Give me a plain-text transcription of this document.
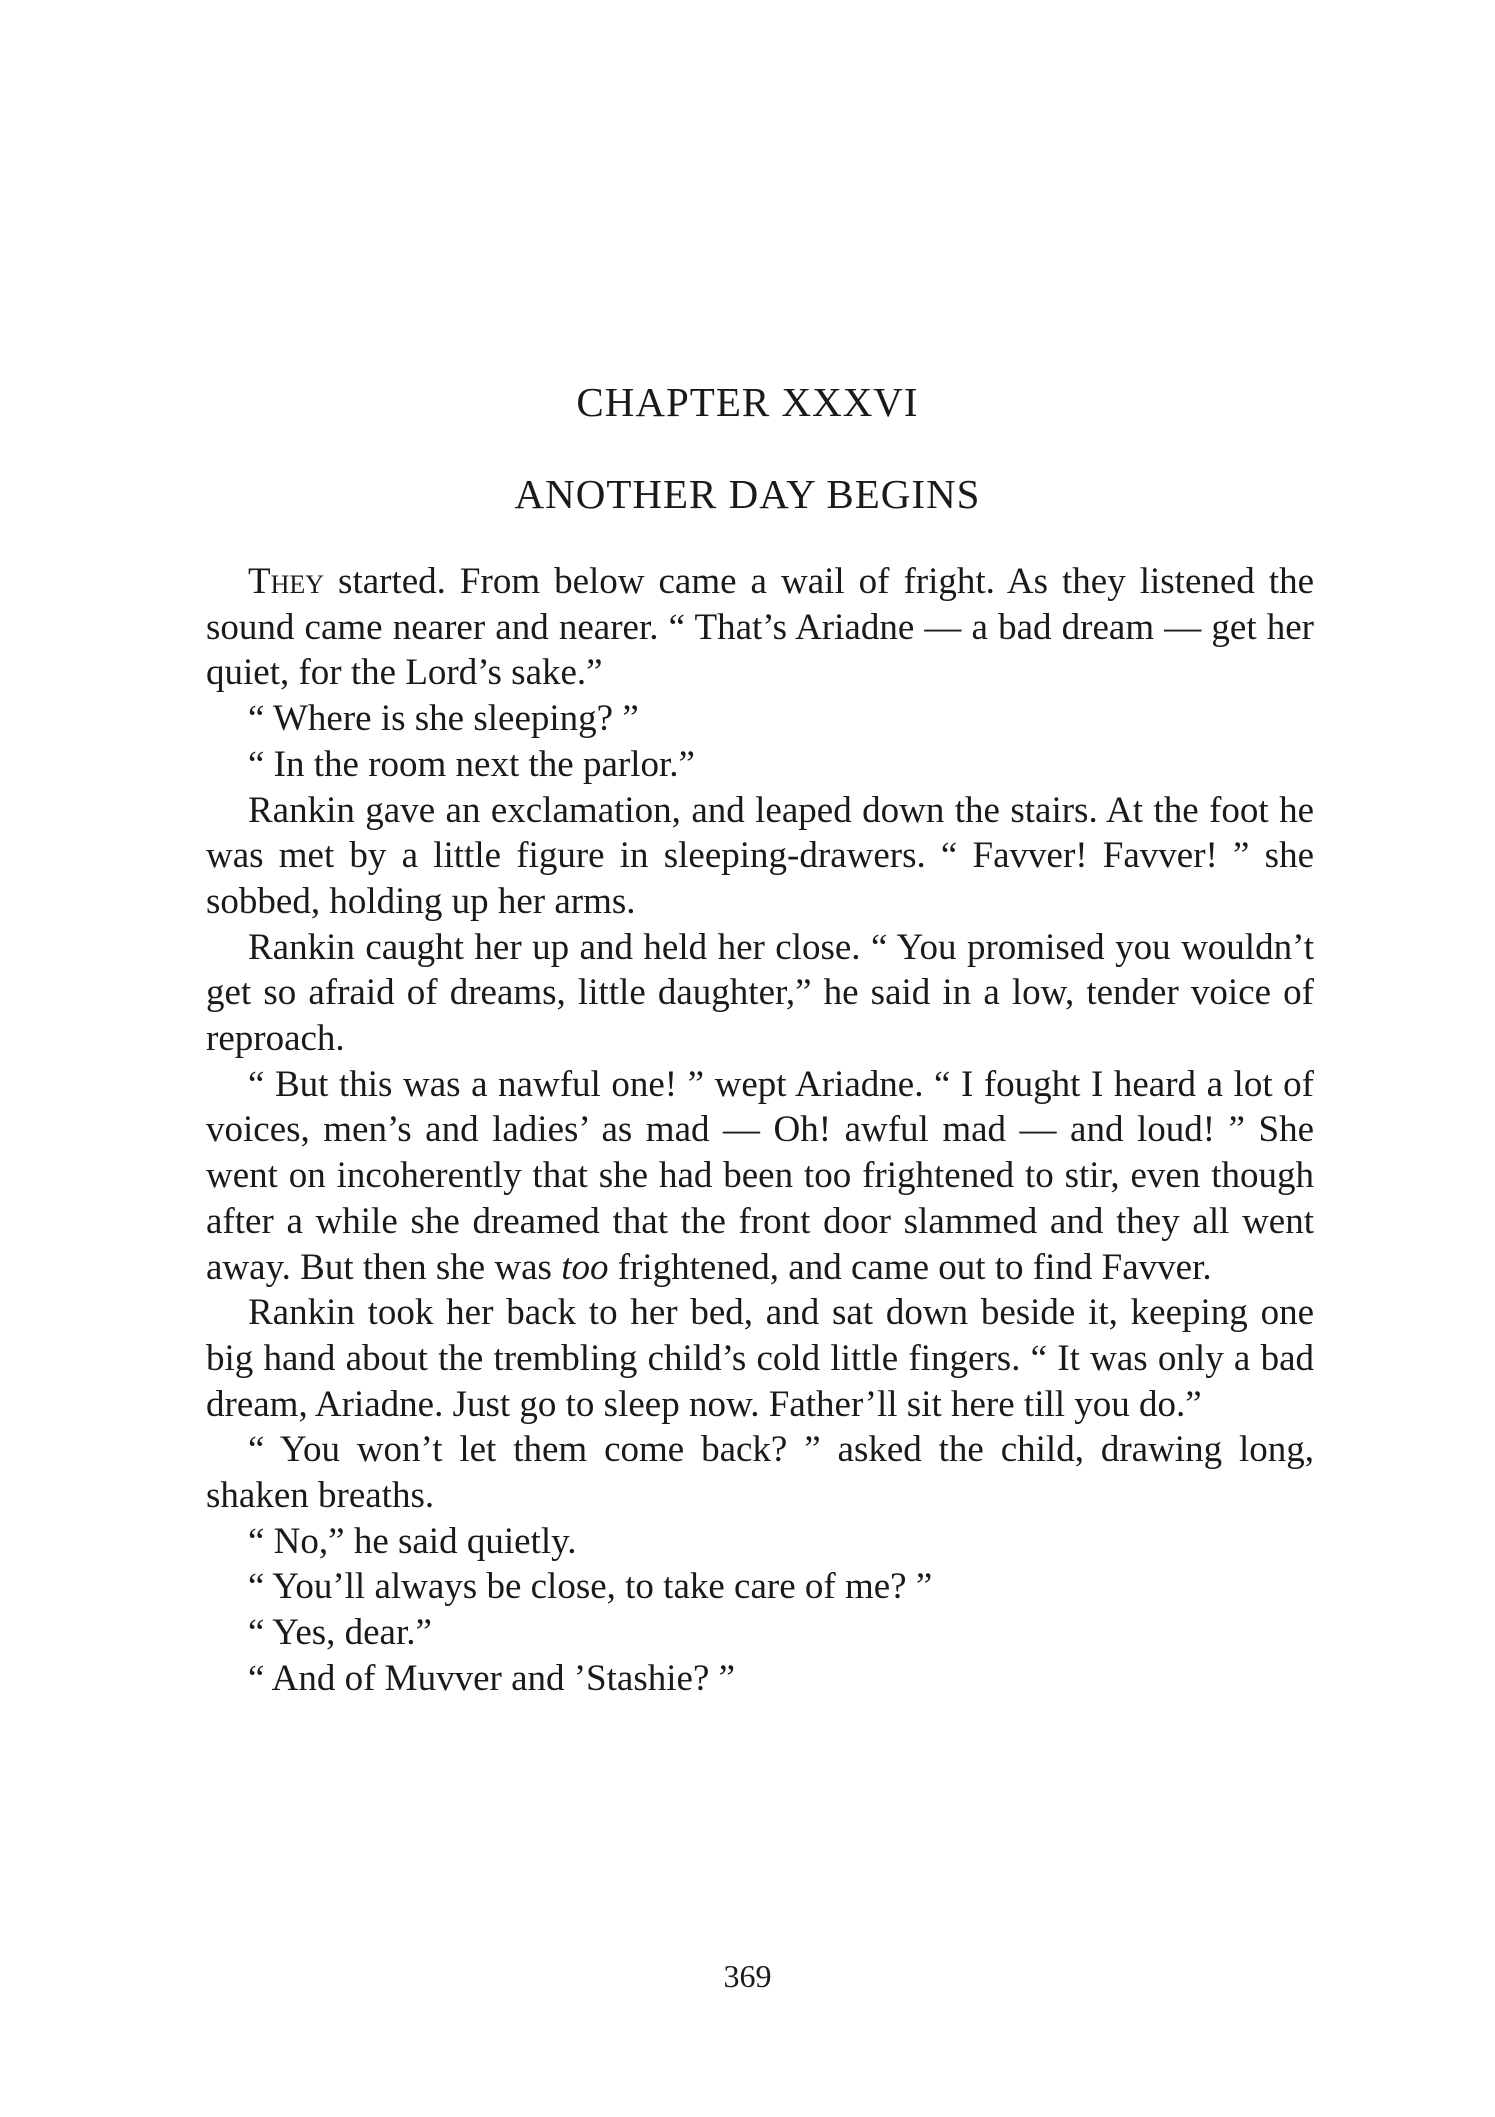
CHAPTER XXXVI
ANOTHER DAY BEGINS

They started. From below came a wail of fright. As they listened the sound came nearer and nearer. “ That’s Ariadne — a bad dream — get her quiet, for the Lord’s sake.”

“ Where is she sleeping? ”

“ In the room next the parlor.”

Rankin gave an exclamation, and leaped down the stairs. At the foot he was met by a little figure in sleeping-drawers. “ Favver! Favver! ” she sobbed, holding up her arms.

Rankin caught her up and held her close. “ You promised you wouldn’t get so afraid of dreams, little daughter,” he said in a low, tender voice of reproach.

“ But this was a nawful one! ” wept Ariadne. “ I fought I heard a lot of voices, men’s and ladies’ as mad — Oh! awful mad — and loud! ” She went on incoherently that she had been too frightened to stir, even though after a while she dreamed that the front door slammed and they all went away. But then she was too frightened, and came out to find Favver.

Rankin took her back to her bed, and sat down beside it, keeping one big hand about the trembling child’s cold little fingers. “ It was only a bad dream, Ariadne. Just go to sleep now. Father’ll sit here till you do.”

“ You won’t let them come back? ” asked the child, drawing long, shaken breaths.

“ No,” he said quietly.

“ You’ll always be close, to take care of me? ”

“ Yes, dear.”

“ And of Muvver and ’Stashie? ”

369
